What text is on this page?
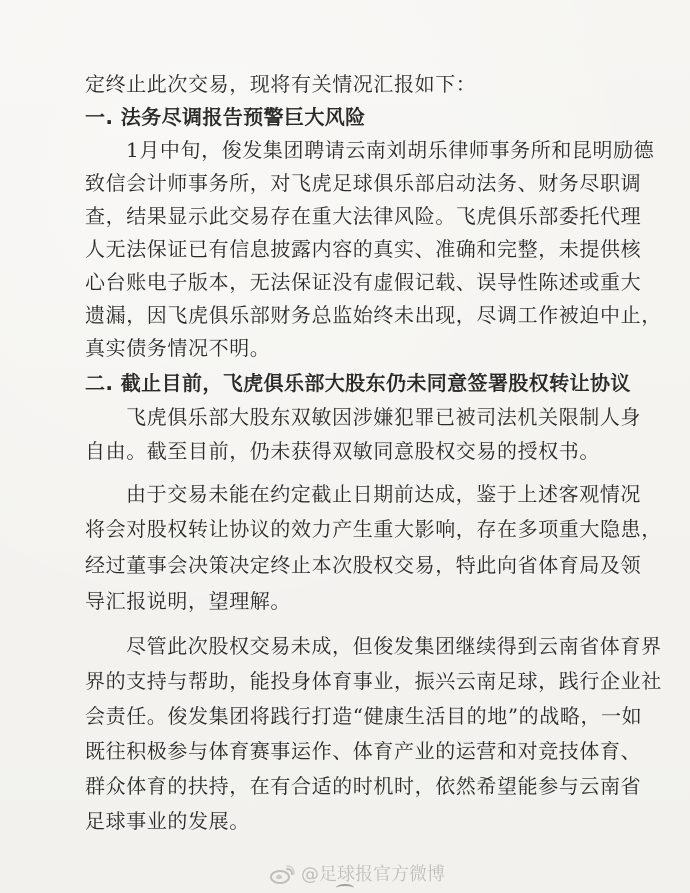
定终止此次交易，现将有关情况汇报如下：
一. 法务尽调报告预警巨大风险
1月中旬，俊发集团聘请云南刘胡乐律师事务所和昆明励德
致信会计师事务所，对飞虎足球俱乐部启动法务、财务尽职调
查，结果显示此交易存在重大法律风险。飞虎俱乐部委托代理
人无法保证已有信息披露内容的真实、准确和完整，未提供核
心台账电子版本，无法保证没有虚假记载、误导性陈述或重大
遗漏，因飞虎俱乐部财务总监始终未出现，尽调工作被迫中止，
真实债务情况不明。
二. 截止目前，飞虎俱乐部大股东仍未同意签署股权转让协议
飞虎俱乐部大股东双敏因涉嫌犯罪已被司法机关限制人身
自由。截至目前，仍未获得双敏同意股权交易的授权书。
由于交易未能在约定截止日期前达成，鉴于上述客观情况
将会对股权转让协议的效力产生重大影响，存在多项重大隐患，
经过董事会决策决定终止本次股权交易，特此向省体育局及领
导汇报说明，望理解。
尽管此次股权交易未成，但俊发集团继续得到云南省体育界
界的支持与帮助，能投身体育事业，振兴云南足球，践行企业社
会责任。俊发集团将践行打造“健康生活目的地”的战略，一如
既往积极参与体育赛事运作、体育产业的运营和对竞技体育、
群众体育的扶持，在有合适的时机时，依然希望能参与云南省
足球事业的发展。
@足球报官方微博
